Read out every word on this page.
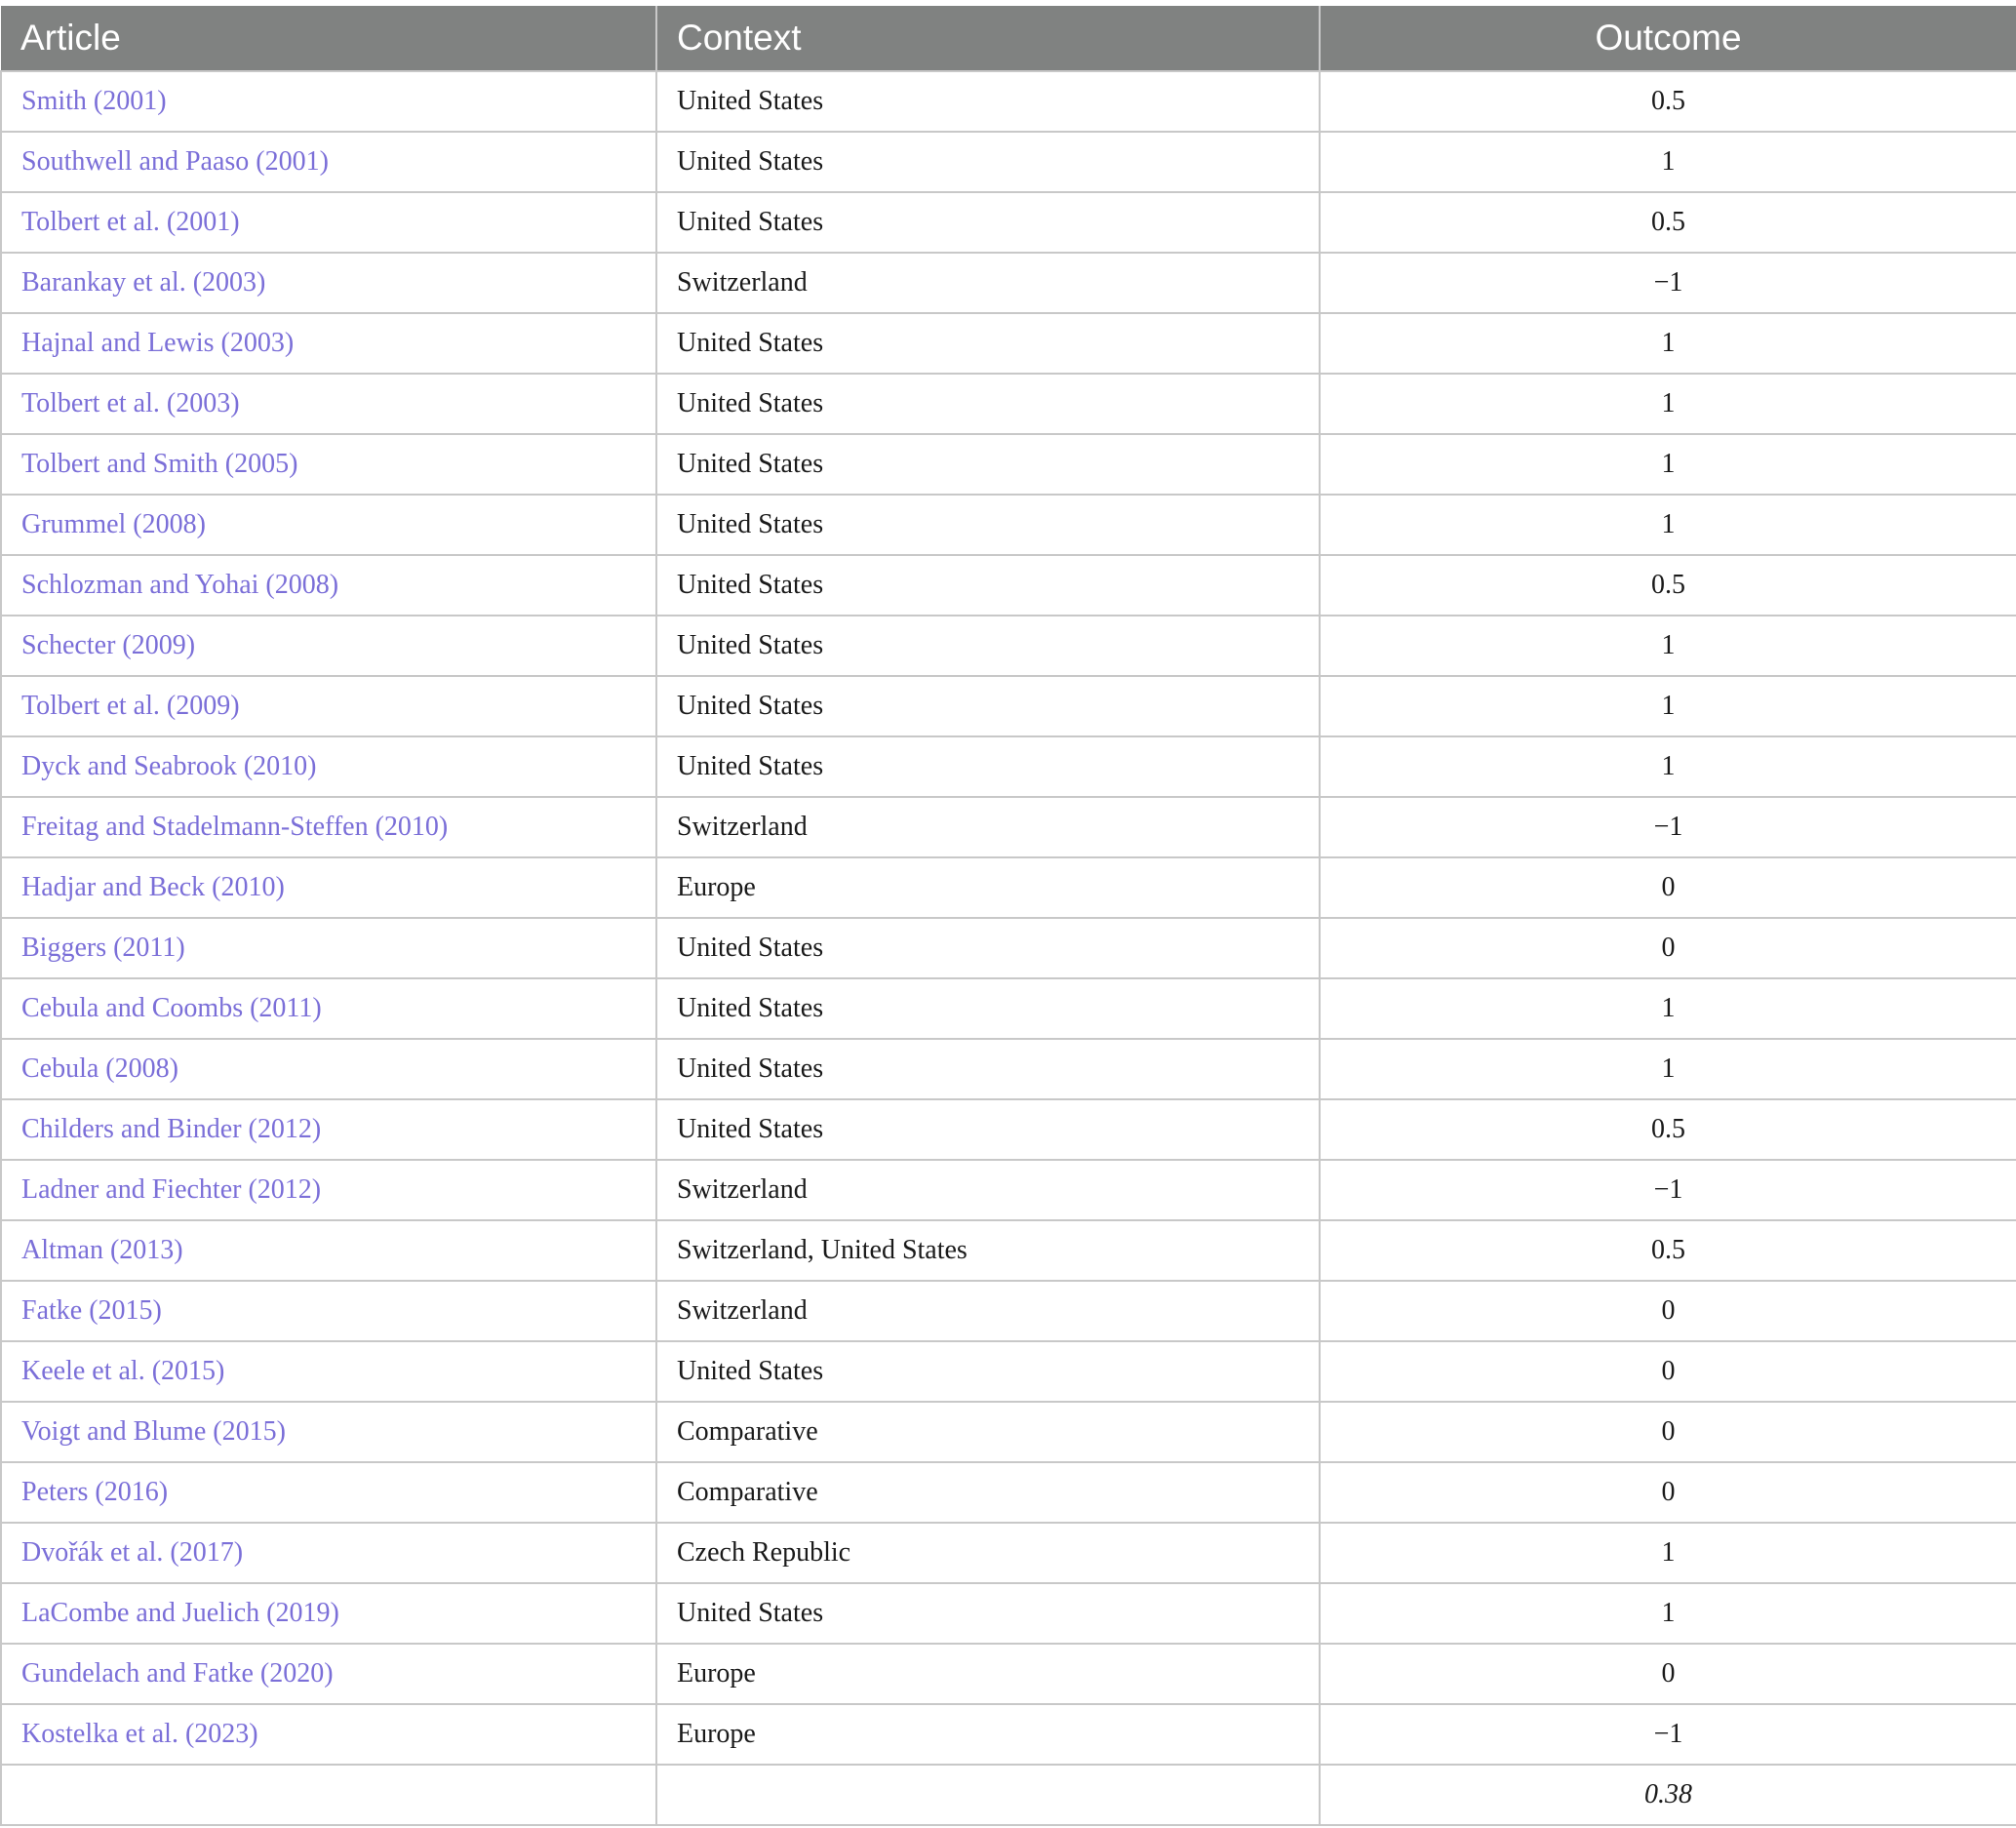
Article	Context	Outcome
Smith (2001)	United States	0.5
Southwell and Paaso (2001)	United States	1
Tolbert et al. (2001)	United States	0.5
Barankay et al. (2003)	Switzerland	−1
Hajnal and Lewis (2003)	United States	1
Tolbert et al. (2003)	United States	1
Tolbert and Smith (2005)	United States	1
Grummel (2008)	United States	1
Schlozman and Yohai (2008)	United States	0.5
Schecter (2009)	United States	1
Tolbert et al. (2009)	United States	1
Dyck and Seabrook (2010)	United States	1
Freitag and Stadelmann-Steffen (2010)	Switzerland	−1
Hadjar and Beck (2010)	Europe	0
Biggers (2011)	United States	0
Cebula and Coombs (2011)	United States	1
Cebula (2008)	United States	1
Childers and Binder (2012)	United States	0.5
Ladner and Fiechter (2012)	Switzerland	−1
Altman (2013)	Switzerland, United States	0.5
Fatke (2015)	Switzerland	0
Keele et al. (2015)	United States	0
Voigt and Blume (2015)	Comparative	0
Peters (2016)	Comparative	0
Dvořák et al. (2017)	Czech Republic	1
LaCombe and Juelich (2019)	United States	1
Gundelach and Fatke (2020)	Europe	0
Kostelka et al. (2023)	Europe	−1
		0.38
